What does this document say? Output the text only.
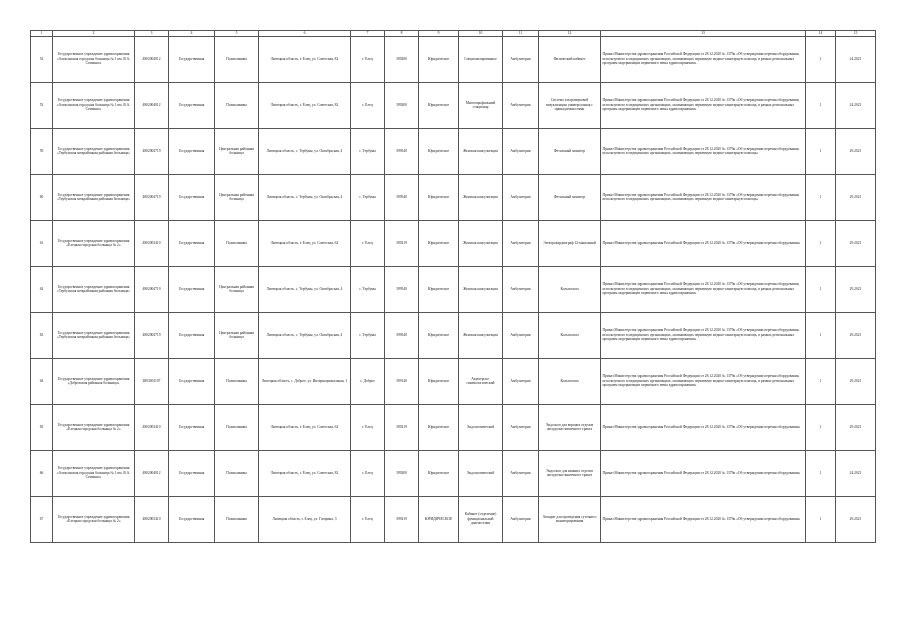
1	2	3	4	5	6	7	8	9	10	11	12	13	14	15
52	Государственное учреждение здравоохранения «Алексинская городская больница № 1 им. В.А. Семашко»	4802004012	Государственная	Поликлиника	Липецкая область, г. Елец, ул. Советская, 82	г. Елец	399200	Юридическое	Специализированное	Амбулатория	Физический кабинет	Приказ Министерства здравоохранения Российской Федерации от 28.12.2020 № 1379н «Об утверждении перечня оборудования, используемого в медицинских организациях, оказывающих первичную медико-санитарную помощь, в рамках региональных программ модернизации первичного звена здравоохранения»	1	24.2021
53	Государственное учреждение здравоохранения «Алексинская городская больница № 1 им. В.А. Семашко»	4802004012	Государственная	Поликлиника	Липецкая область, г. Елец, ул. Советская, 82	г. Елец	399200	Юридическое	Многопрофильный стационар	Амбулатория	Система ультразвуковой визуализации универсальная с принадлежностями	Приказ Министерства здравоохранения Российской Федерации от 28.12.2020 № 1379н «Об утверждении перечня оборудования, используемого в медицинских организациях, оказывающих первичную медико-санитарную помощь, в рамках региональных программ модернизации первичного звена здравоохранения»	1	24.2021
59	Государственное учреждение здравоохранения «Тербунская межрайонная районная больница»	4802004719	Государственная	Центральная районная больница	Липецкая область, с. Тербуны, ул. Октябрьская, 4	с. Тербуны	399540	Юридическое	Женская консультация	Амбулатория	Фетальный монитор	Приказ Министерства здравоохранения Российской Федерации от 28.12.2020 № 1379н «Об утверждении перечня оборудования, используемого в медицинских организациях, оказывающих первичную медико-санитарную помощь»	1	29.2021
60	Государственное учреждение здравоохранения «Тербунская межрайонная районная больница»	4802004719	Государственная	Центральная районная больница	Липецкая область, с. Тербуны, ул. Октябрьская, 4	с. Тербуны	399540	Юридическое	Женская консультация	Амбулатория	Фетальный монитор	Приказ Министерства здравоохранения Российской Федерации от 28.12.2020 № 1379н «Об утверждении перечня оборудования, используемого в медицинских организациях, оказывающих первичную медико-санитарную помощь»	1	29.2021
61	Государственное учреждение здравоохранения «Елецкая городская больница № 2»	4802003410	Государственная	Поликлиника	Липецкая область, г. Елец, ул. Советская, 62	г. Елец	399219	Юридическое	Женская консультация	Амбулатория	Электрокардиограф 12-канальный	Приказ Министерства здравоохранения Российской Федерации от 28.12.2020 № 1379н «Об утверждении перечня оборудования»	1	29.2021
62	Государственное учреждение здравоохранения «Тербунская межрайонная районная больница»	4802004719	Государственная	Центральная районная больница	Липецкая область, с. Тербуны, ул. Октябрьская, 4	с. Тербуны	399540	Юридическое	Женская консультация	Амбулатория	Кольпоскоп	Приказ Министерства здравоохранения Российской Федерации от 28.12.2020 № 1379н «Об утверждении перечня оборудования, используемого в медицинских организациях, оказывающих первичную медико-санитарную помощь, в рамках региональных программ модернизации первичного звена здравоохранения»	1	29.2021
63	Государственное учреждение здравоохранения «Тербунская межрайонная районная больница»	4802004719	Государственная	Центральная районная больница	Липецкая область, с. Тербуны, ул. Октябрьская, 4	с. Тербуны	399540	Юридическое	Женская консультация	Амбулатория	Кольпоскоп	Приказ Министерства здравоохранения Российской Федерации от 28.12.2020 № 1379н «Об утверждении перечня оборудования, используемого в медицинских организациях, оказывающих первичную медико-санитарную помощь, в рамках региональных программ модернизации первичного звена здравоохранения»	1	29.2021
64	Государственное учреждение здравоохранения «Добровская районная больница»	4803001107	Государственная	Поликлиника	Липецкая область, с. Доброе, ул. Интернациональная, 1	с. Доброе	399140	Юридическое	Акушерско-гинекологический	Амбулатория	Кольпоскоп	Приказ Министерства здравоохранения Российской Федерации от 28.12.2020 № 1379н «Об утверждении перечня оборудования, используемого в медицинских организациях, оказывающих первичную медико-санитарную помощь, в рамках региональных программ модернизации первичного звена здравоохранения»	1	29.2021
65	Государственное учреждение здравоохранения «Елецкая городская больница № 2»	4802003410	Государственная	Поликлиника	Липецкая область, г. Елец, ул. Советская, 62	г. Елец	399219	Юридическое	Эндоскопический	Амбулатория	Эндоскоп для верхних отделов желудочно-кишечного тракта	Приказ Министерства здравоохранения Российской Федерации от 28.12.2020 № 1379н «Об утверждении перечня оборудования»	1	29.2021
66	Государственное учреждение здравоохранения «Алексинская городская больница № 1 им. В.А. Семашко»	4802004012	Государственная	Поликлиника	Липецкая область, г. Елец, ул. Советская, 82	г. Елец	399200	Юридическое	Эндоскопический	Амбулатория	Эндоскоп для нижних отделов желудочно-кишечного тракта	Приказ Министерства здравоохранения Российской Федерации от 28.12.2020 № 1379н «Об утверждении перечня оборудования»	1	24.2021
67	Государственное учреждение здравоохранения «Елецкая городская больница № 2»	4802003410	Государственная	Поликлиника	Липецкая область, г. Елец, ул. Гагарина, 3	г. Елец	399219	ЮРИДИЧЕСКОЕ	Кабинет (отделение) функциональной диагностики	Амбулатория	Аппарат для проведения суточного мониторирования	Приказ Министерства здравоохранения Российской Федерации от 28.12.2020 № 1379н «Об утверждении перечня оборудования»	1	29.2021
